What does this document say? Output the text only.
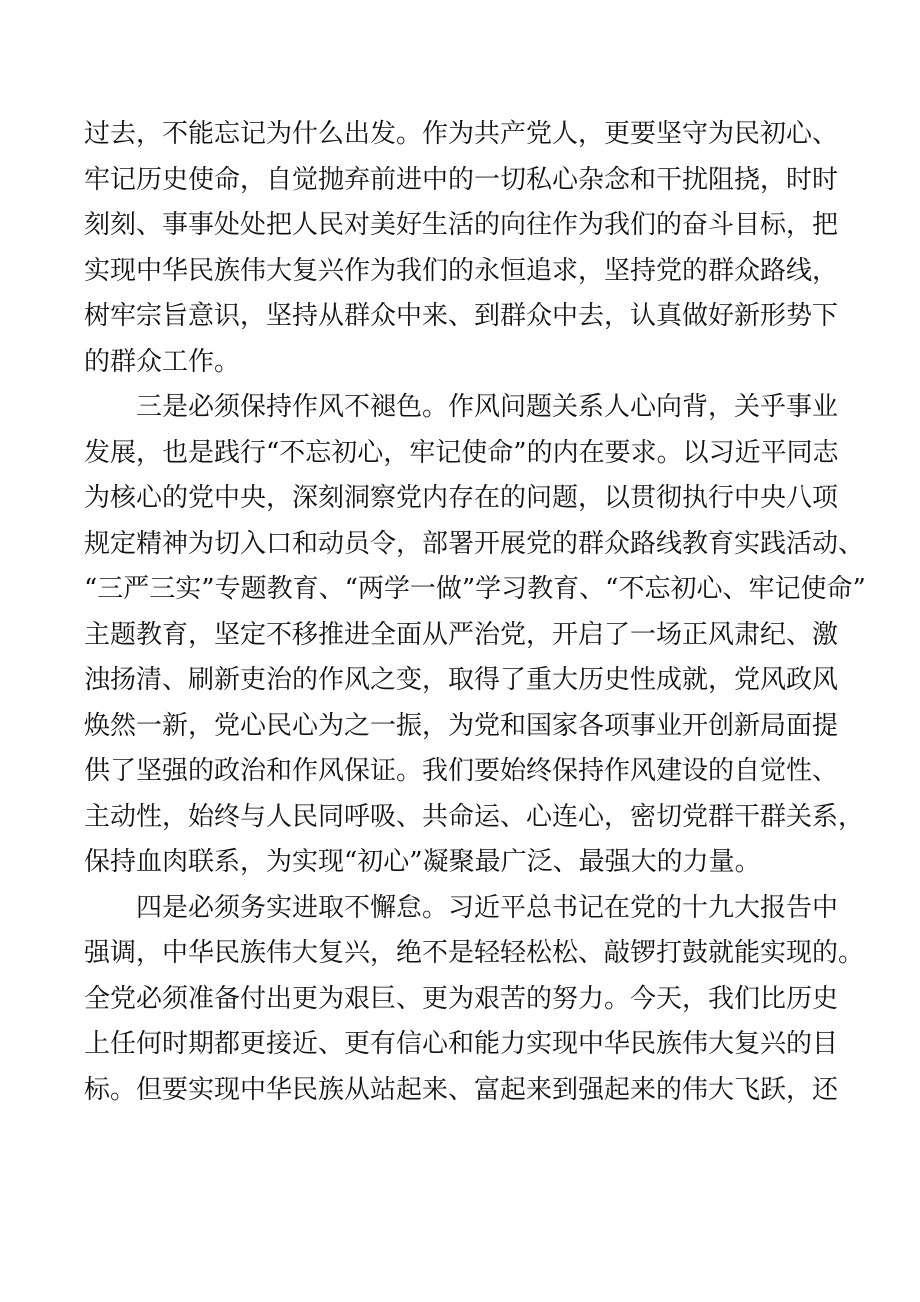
过去，不能忘记为什么出发。作为共产党人，更要坚守为民初心、
牢记历史使命，自觉抛弃前进中的一切私心杂念和干扰阻挠，时时
刻刻、事事处处把人民对美好生活的向往作为我们的奋斗目标，把
实现中华民族伟大复兴作为我们的永恒追求，坚持党的群众路线，
树牢宗旨意识，坚持从群众中来、到群众中去，认真做好新形势下
的群众工作。
　　三是必须保持作风不褪色。作风问题关系人心向背，关乎事业
发展，也是践行“不忘初心，牢记使命”的内在要求。以习近平同志
为核心的党中央，深刻洞察党内存在的问题，以贯彻执行中央八项
规定精神为切入口和动员令，部署开展党的群众路线教育实践活动、
“三严三实”专题教育、“两学一做”学习教育、“不忘初心、牢记使命”
主题教育，坚定不移推进全面从严治党，开启了一场正风肃纪、激
浊扬清、刷新吏治的作风之变，取得了重大历史性成就，党风政风
焕然一新，党心民心为之一振，为党和国家各项事业开创新局面提
供了坚强的政治和作风保证。我们要始终保持作风建设的自觉性、
主动性，始终与人民同呼吸、共命运、心连心，密切党群干群关系，
保持血肉联系，为实现“初心”凝聚最广泛、最强大的力量。
　　四是必须务实进取不懈怠。习近平总书记在党的十九大报告中
强调，中华民族伟大复兴，绝不是轻轻松松、敲锣打鼓就能实现的。
全党必须准备付出更为艰巨、更为艰苦的努力。今天，我们比历史
上任何时期都更接近、更有信心和能力实现中华民族伟大复兴的目
标。但要实现中华民族从站起来、富起来到强起来的伟大飞跃，还
